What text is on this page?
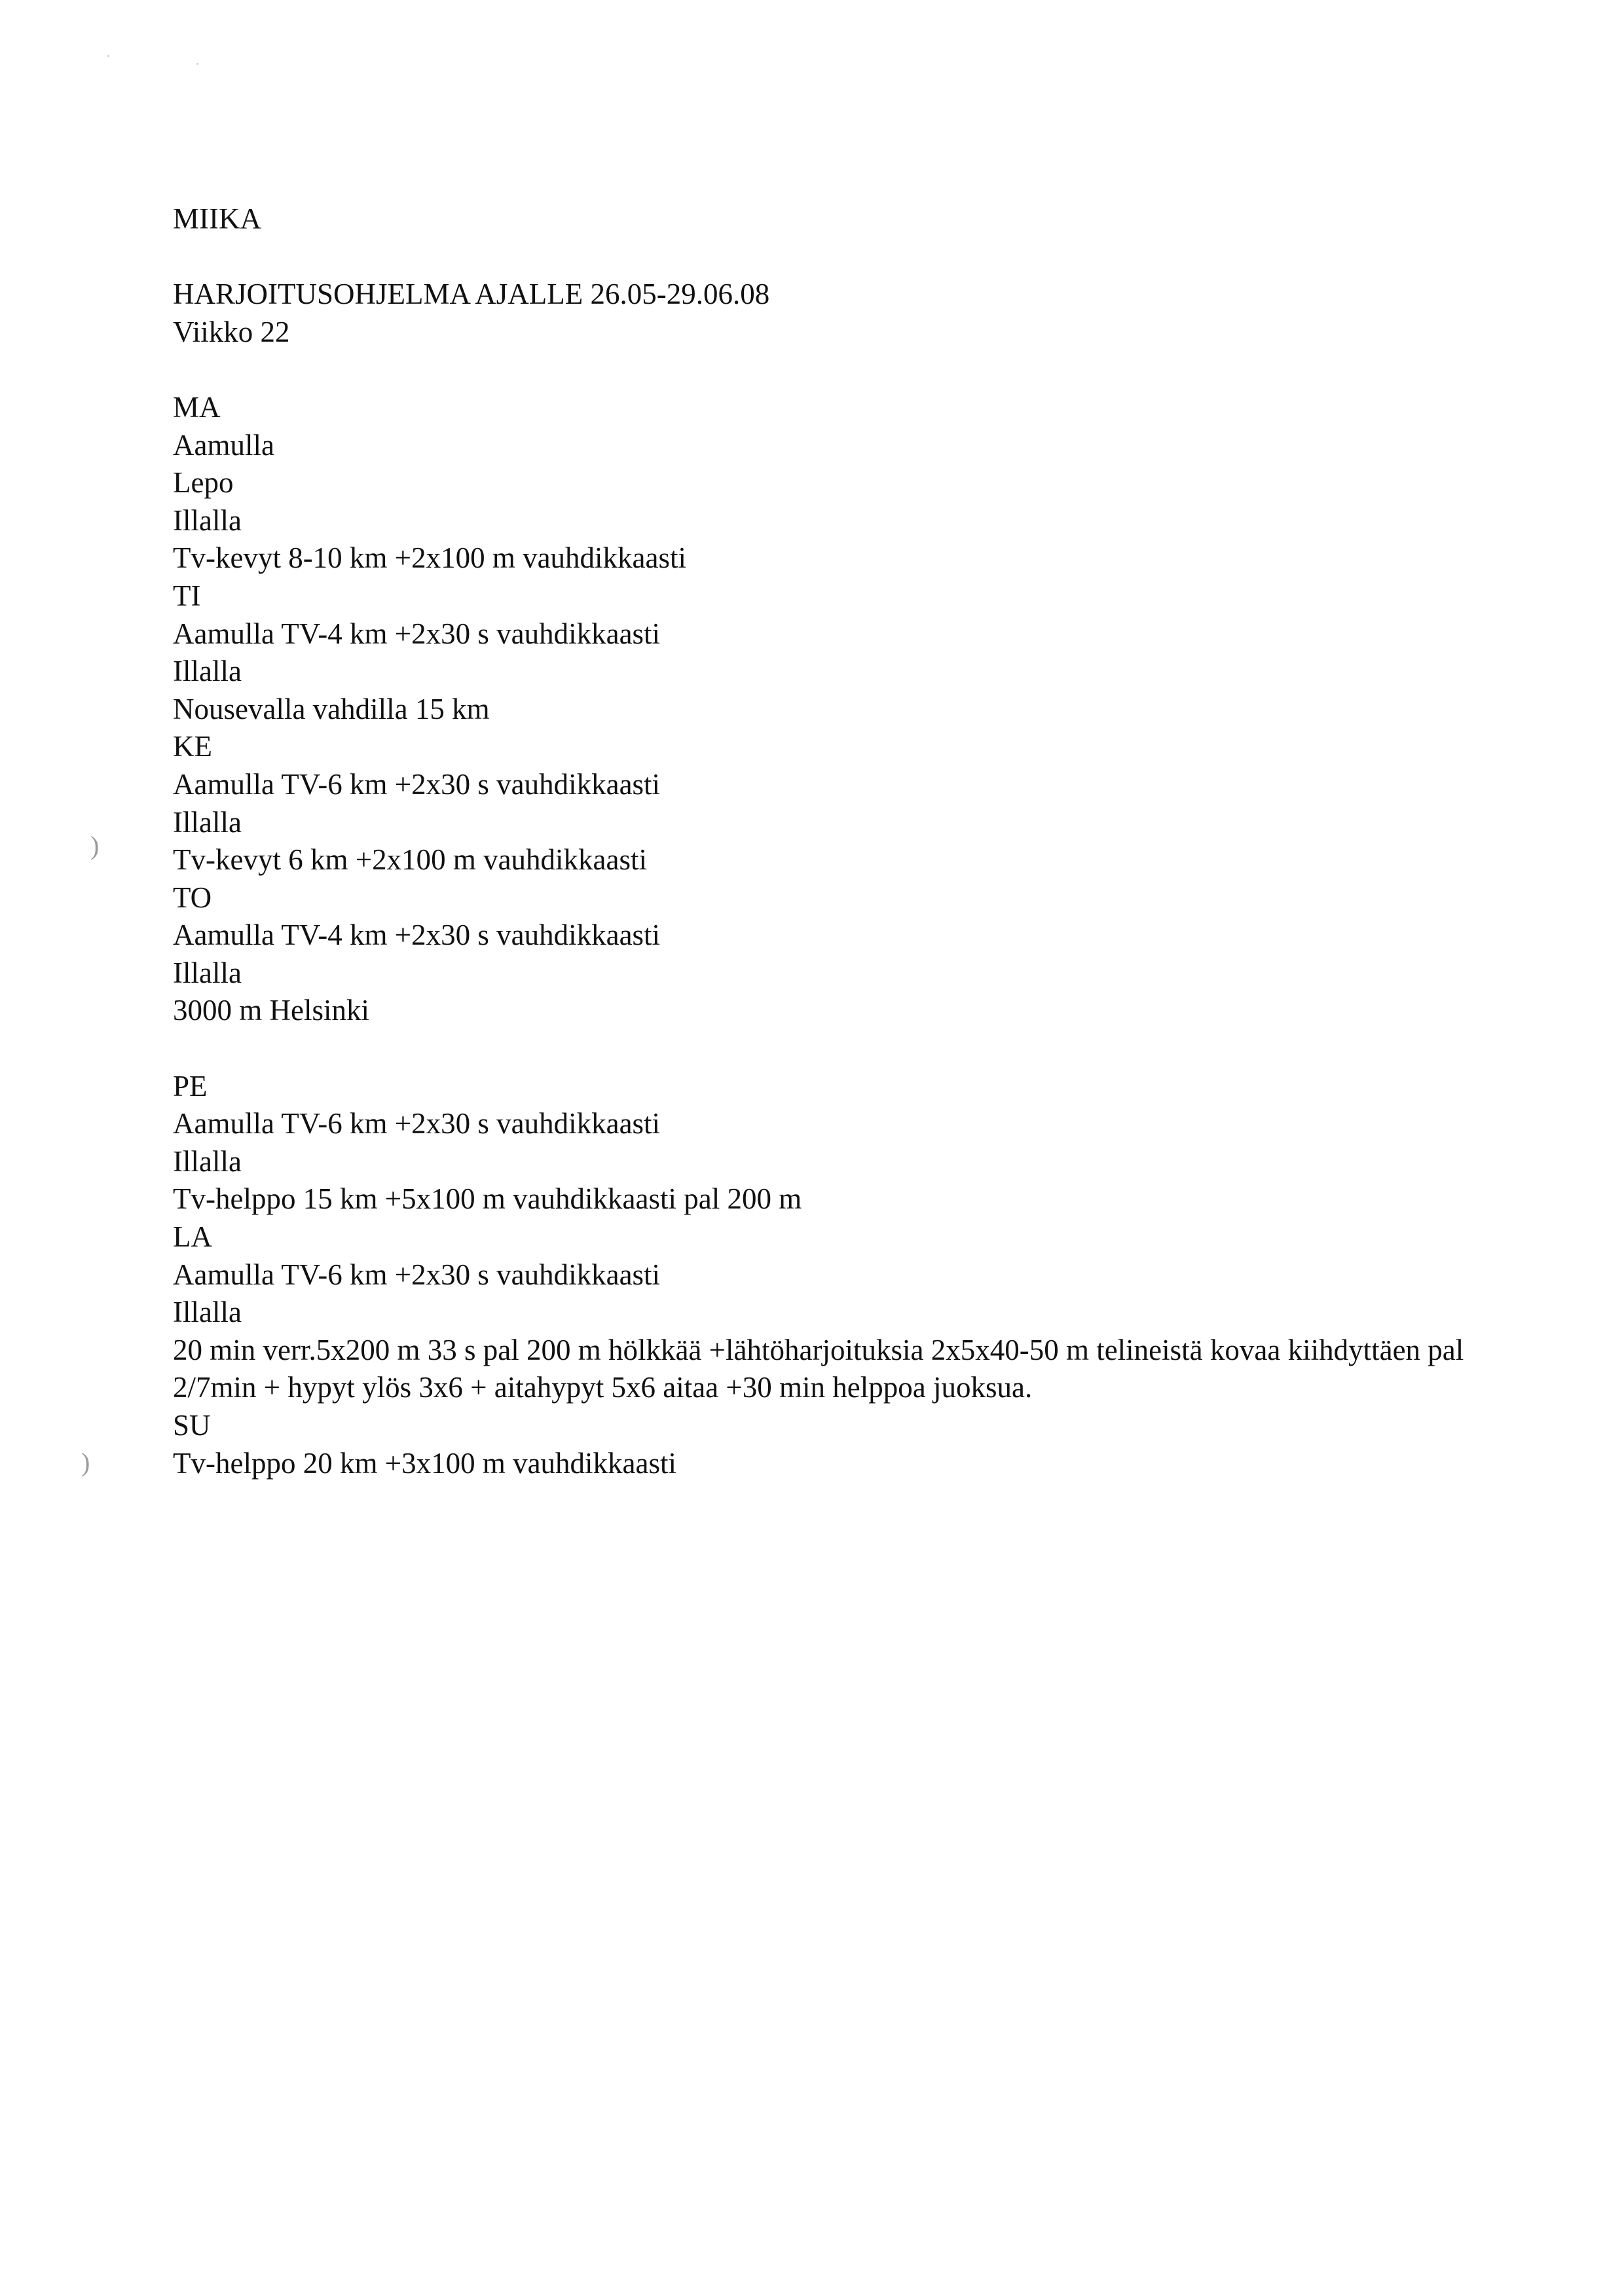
)
)
MIIKA
HARJOITUSOHJELMA AJALLE 26.05-29.06.08
Viikko 22
MA
Aamulla
Lepo
Illalla
Tv-kevyt 8-10 km +2x100 m vauhdikkaasti
TI
Aamulla TV-4 km +2x30 s vauhdikkaasti
Illalla
Nousevalla vahdilla 15 km
KE
Aamulla TV-6 km +2x30 s vauhdikkaasti
Illalla
Tv-kevyt 6 km +2x100 m vauhdikkaasti
TO
Aamulla TV-4 km +2x30 s vauhdikkaasti
Illalla
3000 m Helsinki
PE
Aamulla TV-6 km +2x30 s vauhdikkaasti
Illalla
Tv-helppo 15 km +5x100 m vauhdikkaasti pal 200 m
LA
Aamulla TV-6 km +2x30 s vauhdikkaasti
Illalla
20 min verr.5x200 m 33 s pal 200 m hölkkää +lähtöharjoituksia 2x5x40-50 m telineistä kovaa kiihdyttäen pal 2/7min + hypyt ylös 3x6 + aitahypyt 5x6 aitaa +30 min helppoa juoksua.
SU
Tv-helppo 20 km +3x100 m vauhdikkaasti
